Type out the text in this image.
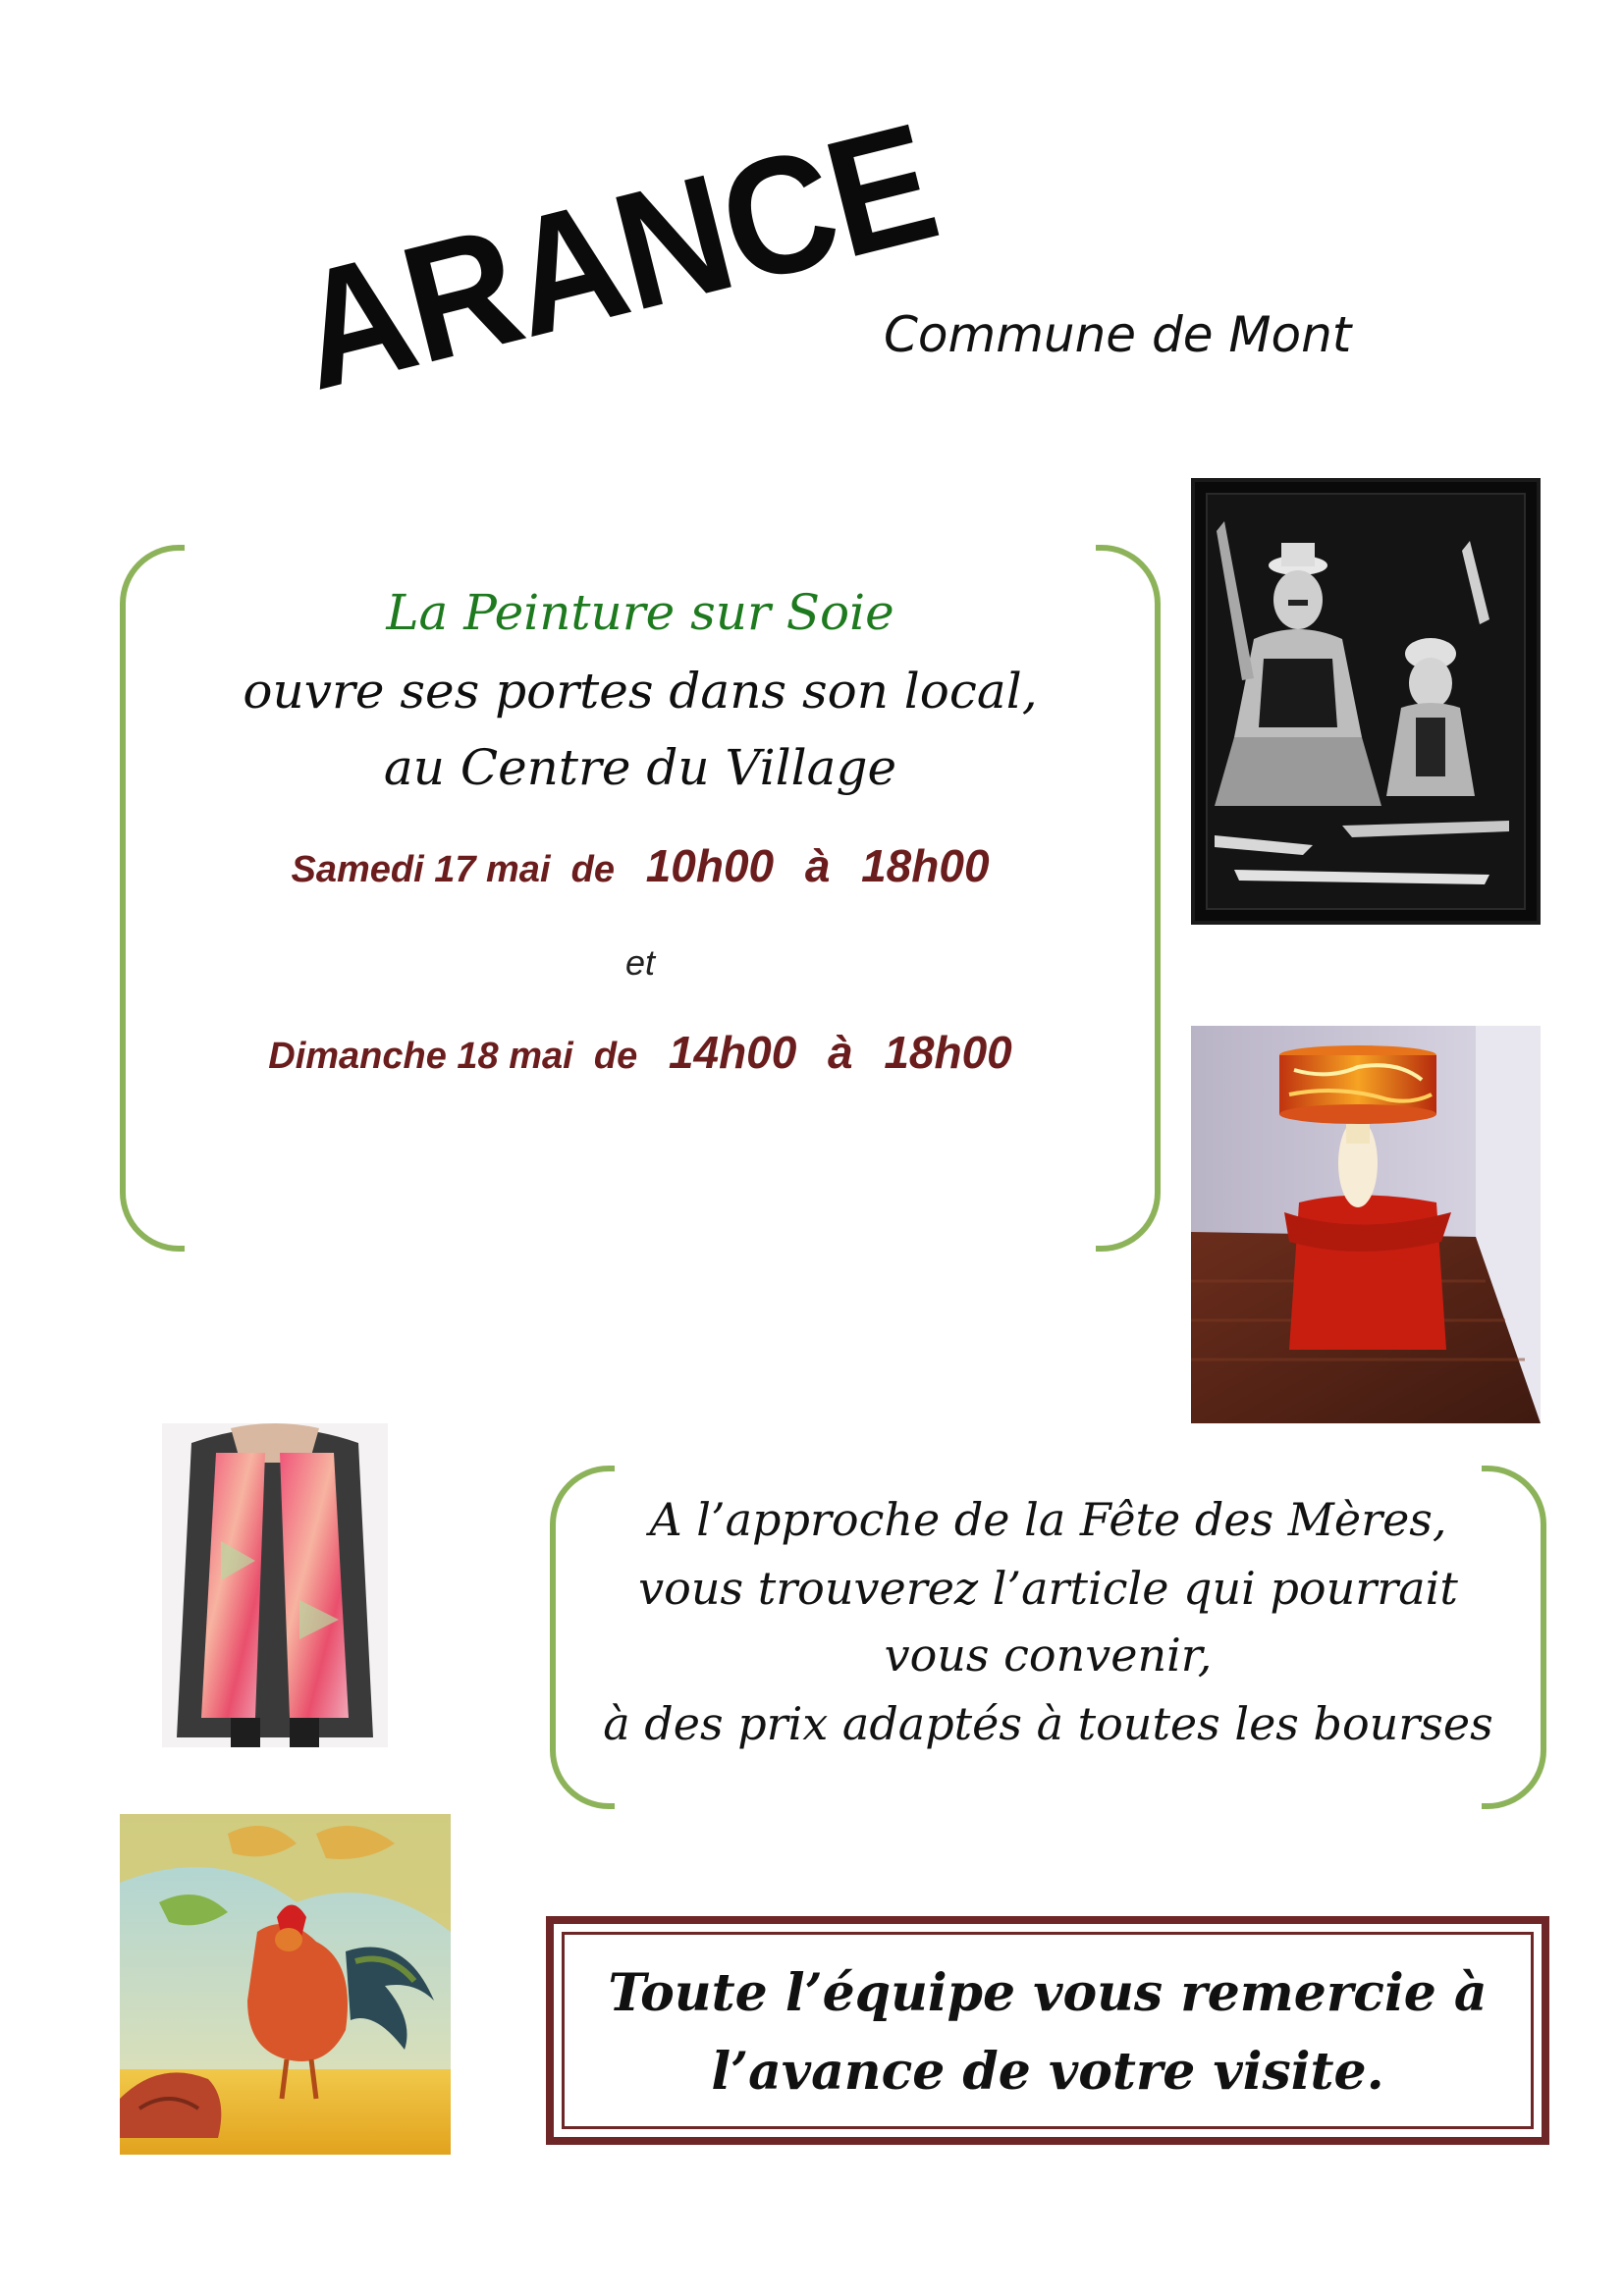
ARANCE
Commune de Mont
La Peinture sur Soie
ouvre ses portes dans son local,
au Centre du Village
Samedi 17 mai de 10h00 à 18h00
et
Dimanche 18 mai de 14h00 à 18h00
A l’approche de la Fête des Mères,
vous trouverez l’article qui pourrait
vous convenir,
à des prix adaptés à toutes les bourses
Toute l’équipe vous remercie à
l’avance de votre visite.
